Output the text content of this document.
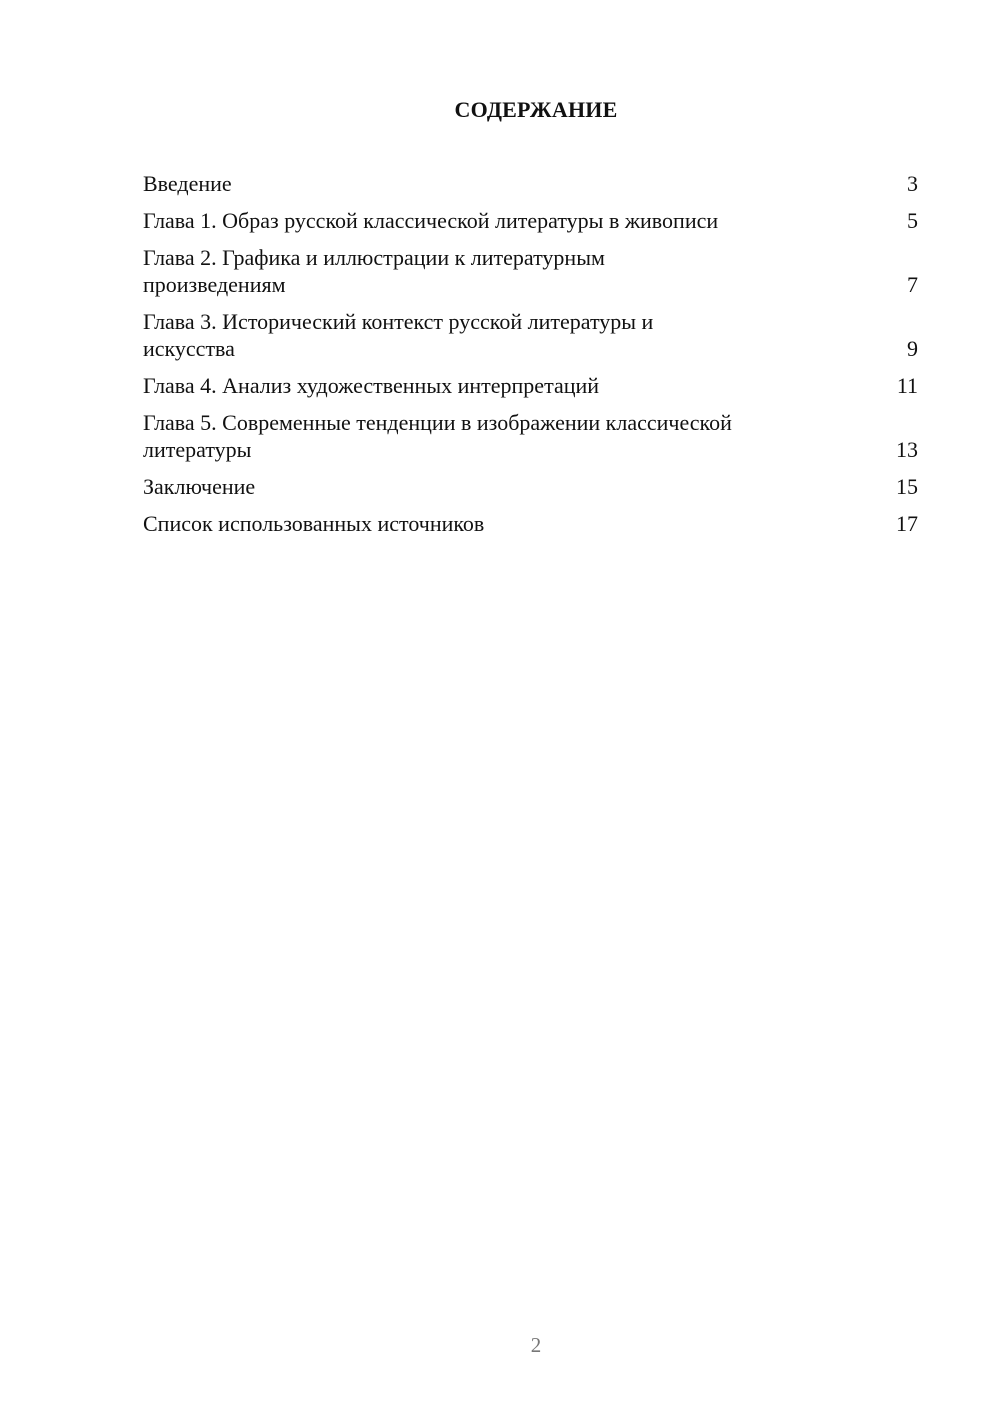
СОДЕРЖАНИЕ
Введение	3
Глава 1. Образ русской классической литературы в живописи	5
Глава 2. Графика и иллюстрации к литературным
произведениям	7
Глава 3. Исторический контекст русской литературы и
искусства	9
Глава 4. Анализ художественных интерпретаций	11
Глава 5. Современные тенденции в изображении классической
литературы	13
Заключение	15
Список использованных источников	17
2
